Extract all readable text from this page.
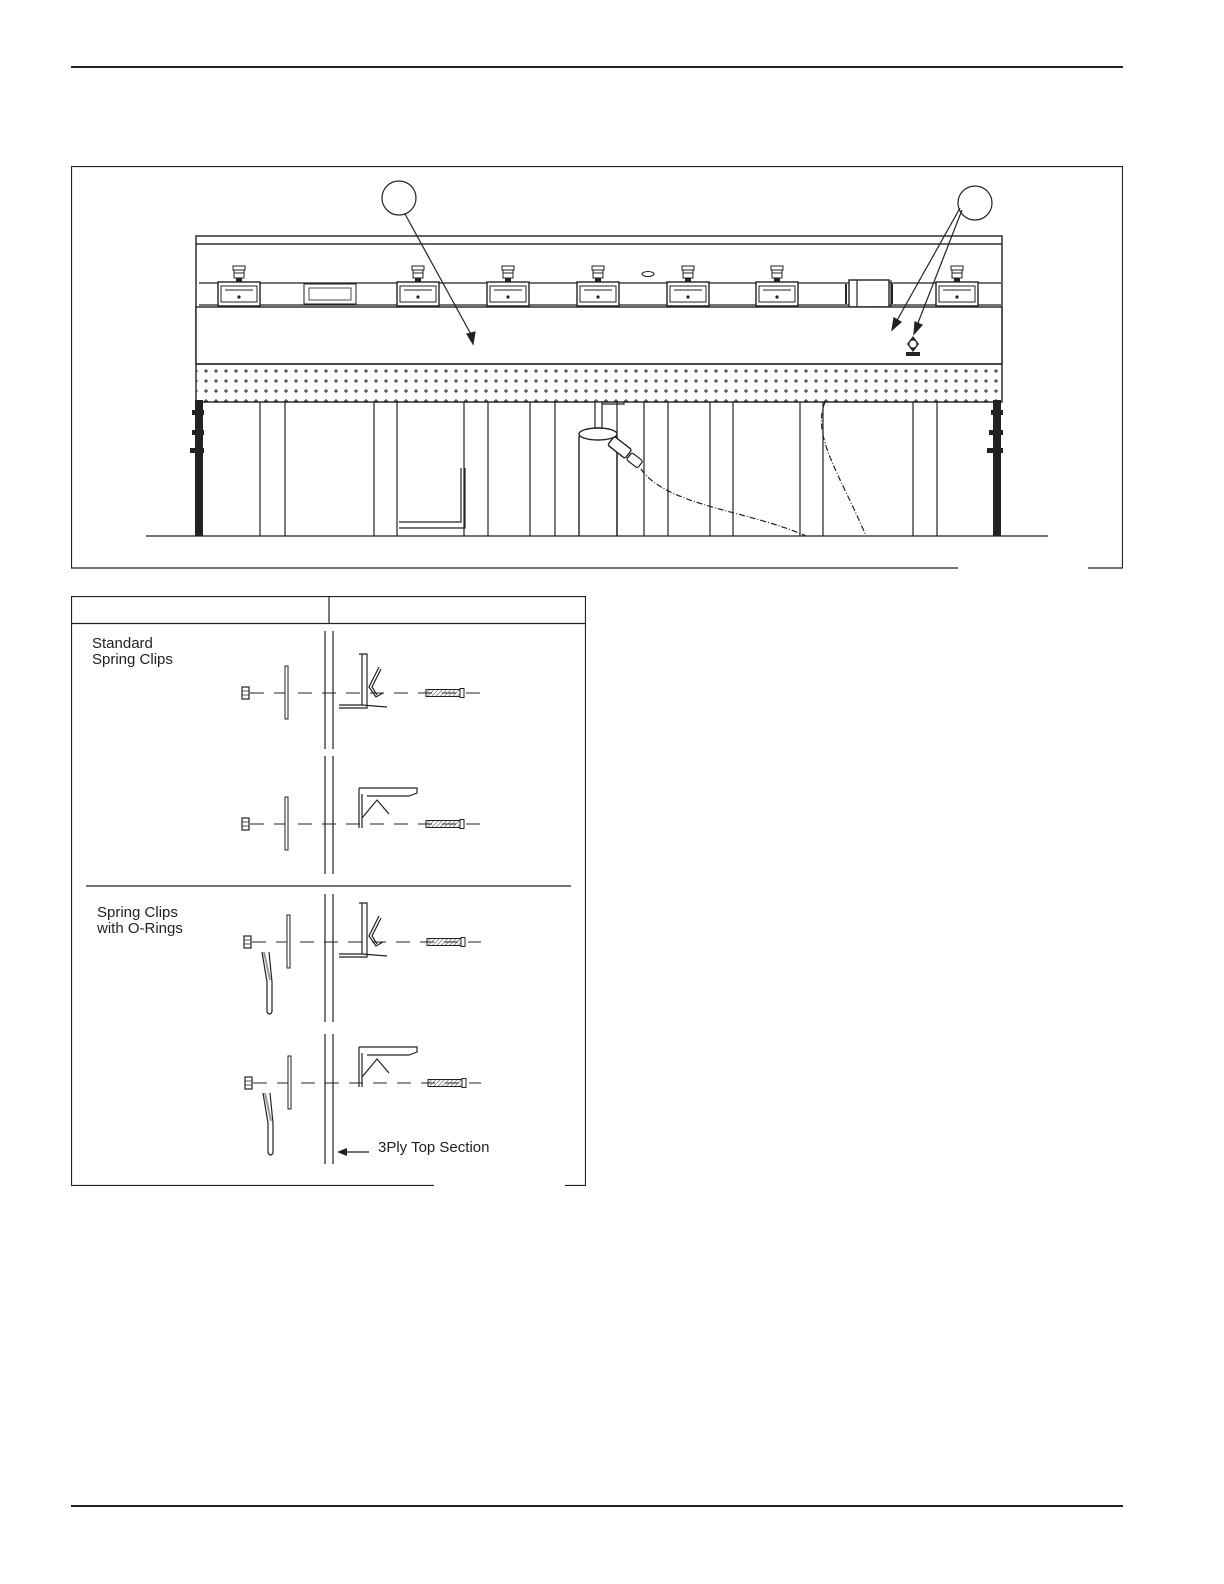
Standard
Spring Clips
Spring Clips
with O-Rings
3Ply Top Section
